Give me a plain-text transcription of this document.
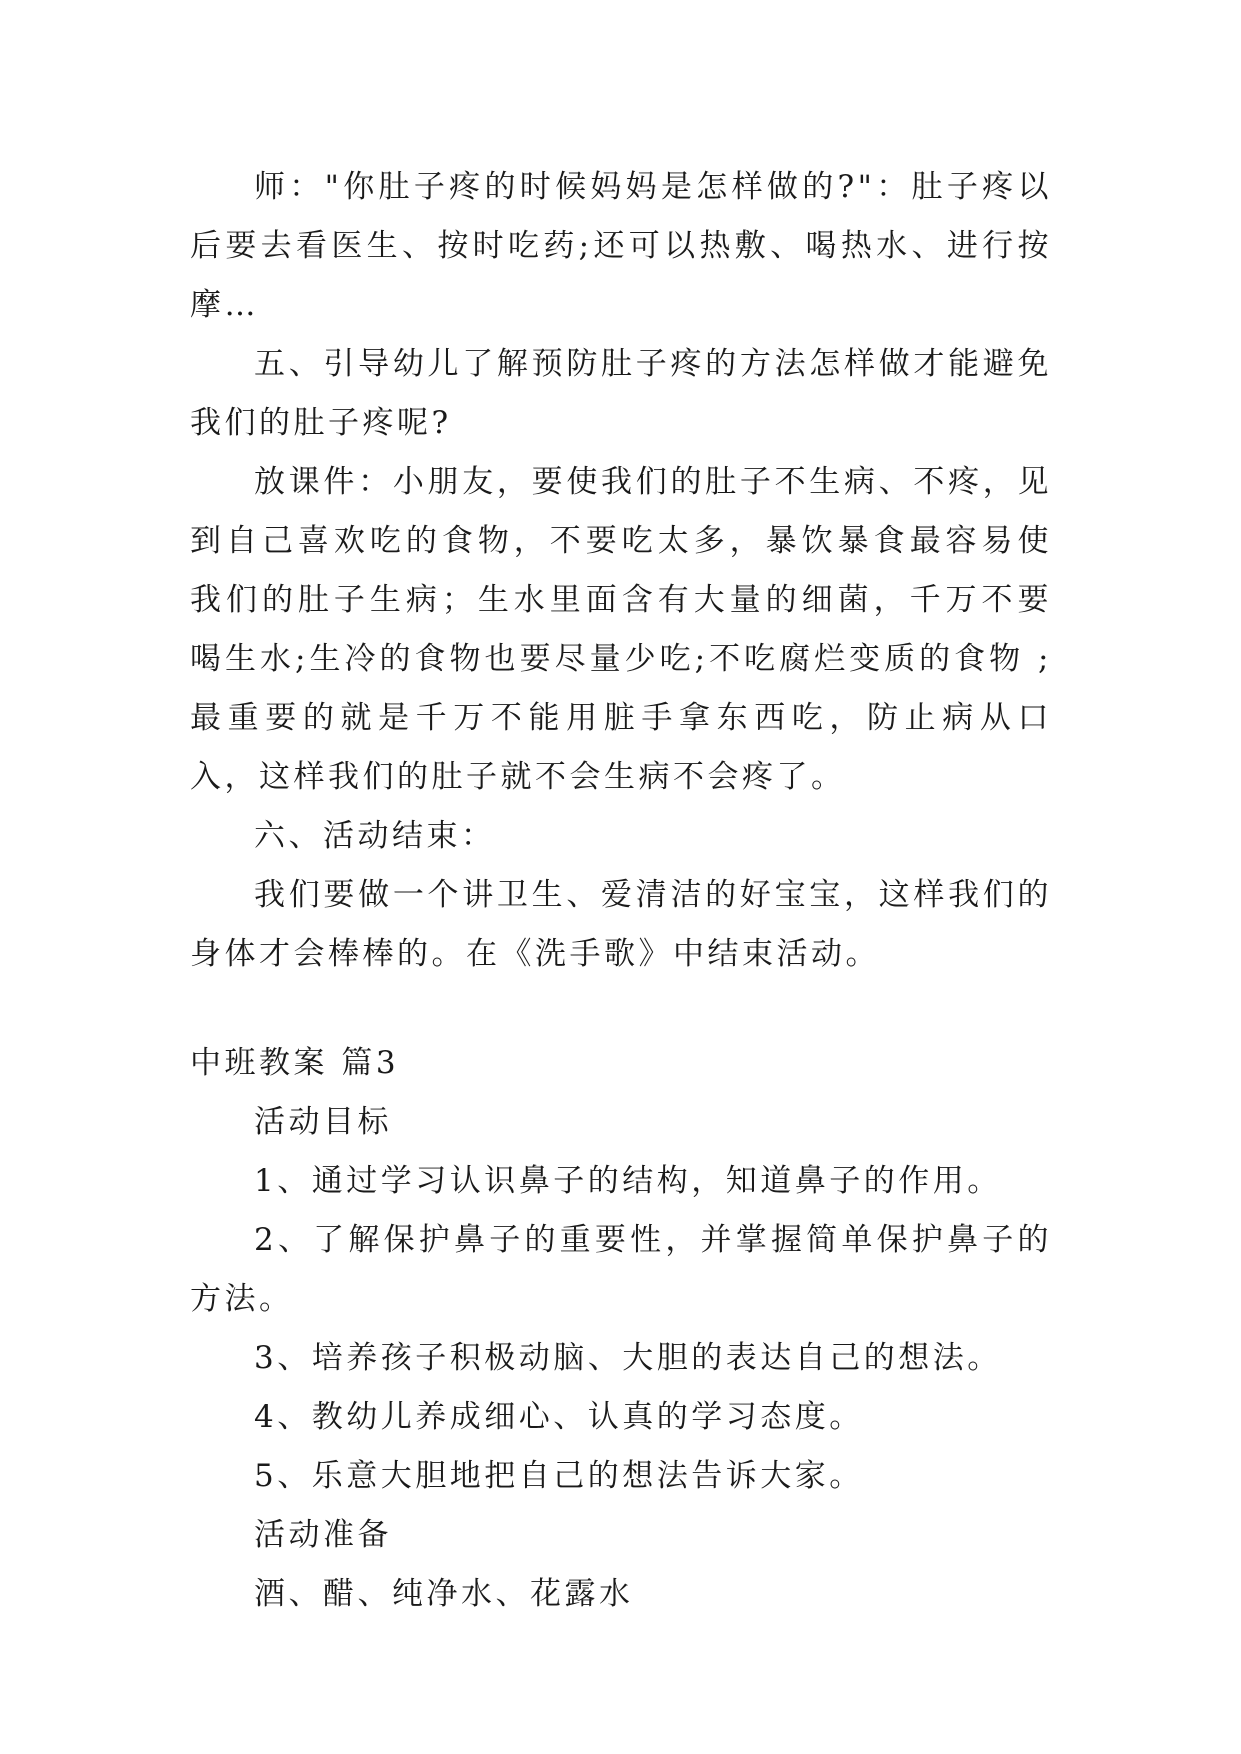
师："你肚子疼的时候妈妈是怎样做的?"：肚子疼以后要去看医生、按时吃药;还可以热敷、喝热水、进行按摩…

五、引导幼儿了解预防肚子疼的方法怎样做才能避免我们的肚子疼呢?

放课件：小朋友，要使我们的肚子不生病、不疼，见到自己喜欢吃的食物，不要吃太多，暴饮暴食最容易使我们的肚子生病；生水里面含有大量的细菌，千万不要喝生水;生冷的食物也要尽量少吃;不吃腐烂变质的食物 ;最重要的就是千万不能用脏手拿东西吃，防止病从口入，这样我们的肚子就不会生病不会疼了。

六、活动结束：

我们要做一个讲卫生、爱清洁的好宝宝，这样我们的身体才会棒棒的。在《洗手歌》中结束活动。

中班教案 篇3

活动目标

1、通过学习认识鼻子的结构，知道鼻子的作用。

2、了解保护鼻子的重要性，并掌握简单保护鼻子的方法。

3、培养孩子积极动脑、大胆的表达自己的想法。

4、教幼儿养成细心、认真的学习态度。

5、乐意大胆地把自己的想法告诉大家。

活动准备

酒、醋、纯净水、花露水
